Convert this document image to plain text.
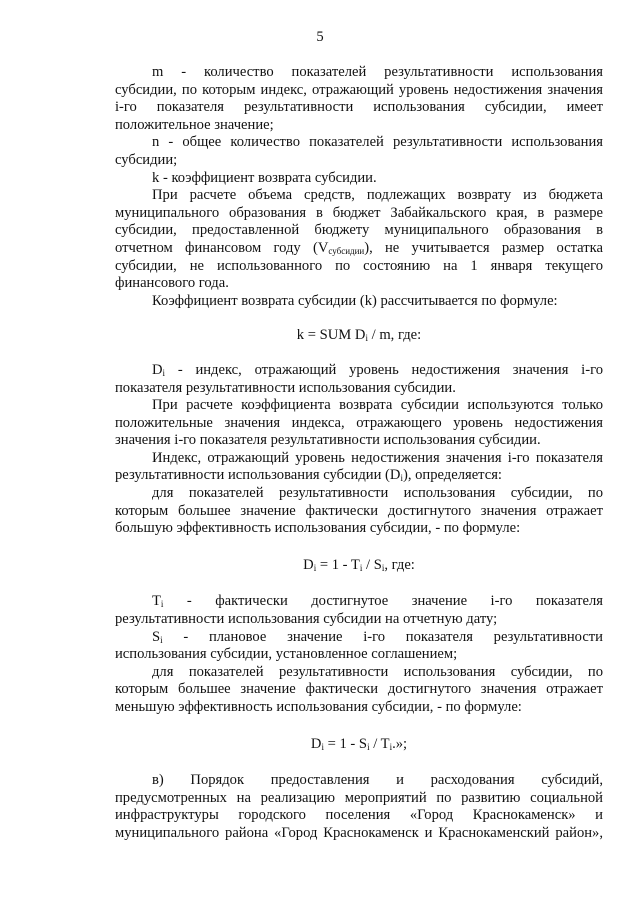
5

m - количество показателей результативности использования

субсидии, по которым индекс, отражающий уровень недостижения значения

i-го показателя результативности использования субсидии, имеет

положительное значение;

n - общее количество показателей результативности использования

субсидии;

k - коэффициент возврата субсидии.

При расчете объема средств, подлежащих возврату из бюджета

муниципального образования в бюджет Забайкальского края, в размере

субсидии, предоставленной бюджету муниципального образования в

отчетном финансовом году $(V_{субсидии})$, не учитывается размер остатка

субсидии, не использованного по состоянию на 1 января текущего

финансового года.

Коэффициент возврата субсидии (k) рассчитывается по формуле:

k = SUM $D_i$ / m, где:

$D_i$ - индекс, отражающий уровень недостижения значения i-го

показателя результативности использования субсидии.

При расчете коэффициента возврата субсидии используются только

положительные значения индекса, отражающего уровень недостижения

значения i-го показателя результативности использования субсидии.

Индекс, отражающий уровень недостижения значения i-го показателя

результативности использования субсидии $(D_i)$, определяется:

для показателей результативности использования субсидии, по

которым большее значение фактически достигнутого значения отражает

большую эффективность использования субсидии, - по формуле:

$D_i = 1 - T_i / S_i$, где:

$T_i$ - фактически достигнутое значение i-го показателя

результативности использования субсидии на отчетную дату;

$S_i$ - плановое значение i-го показателя результативности

использования субсидии, установленное соглашением;

для показателей результативности использования субсидии, по

которым большее значение фактически достигнутого значения отражает

меньшую эффективность использования субсидии, - по формуле:

$D_i = 1 - S_i / T_i$.»;

в) Порядок предоставления и расходования субсидий,

предусмотренных на реализацию мероприятий по развитию социальной

инфраструктуры городского поселения «Город Краснокаменск» и

муниципального района «Город Краснокаменск и Краснокаменский район»,
